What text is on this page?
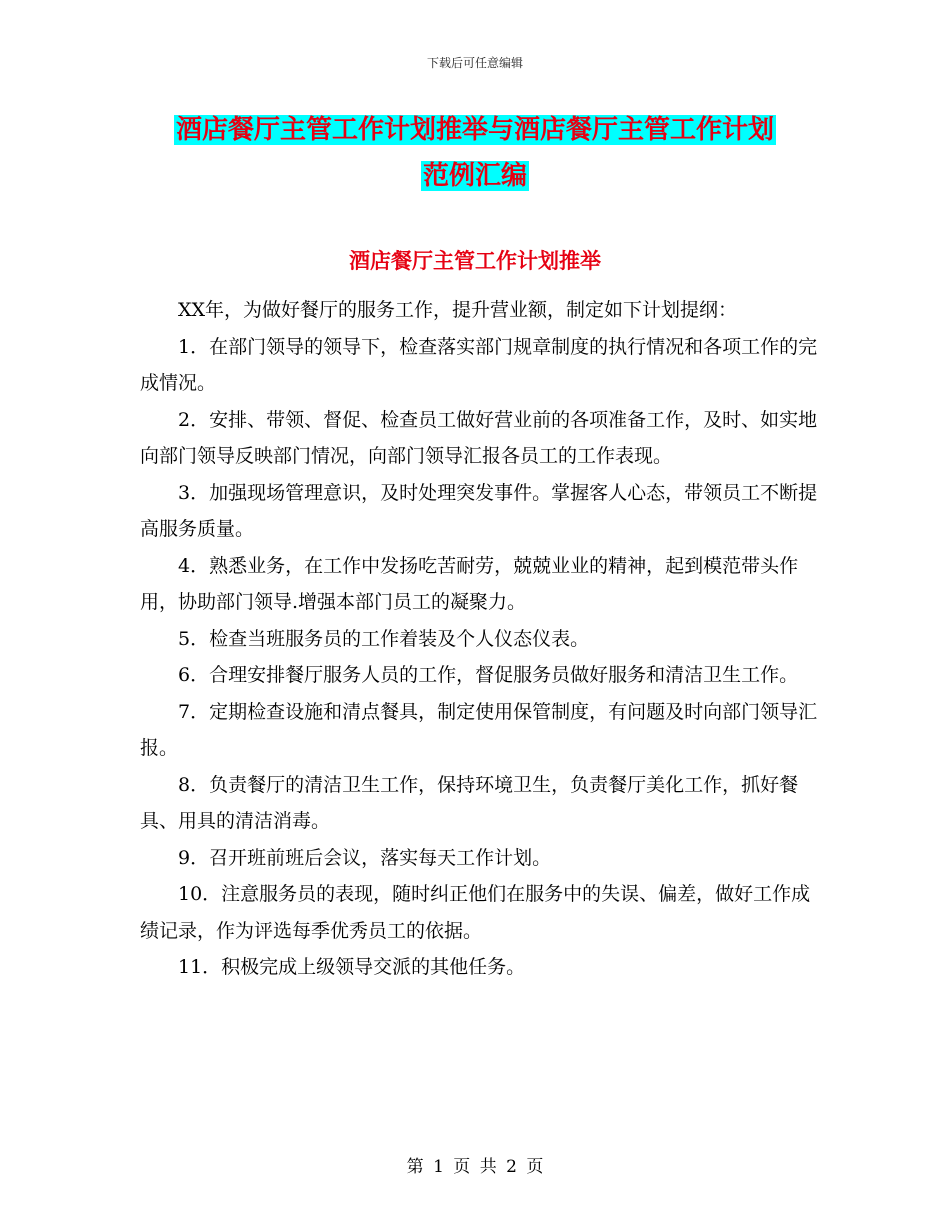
下载后可任意编辑
酒店餐厅主管工作计划推举与酒店餐厅主管工作计划
范例汇编
酒店餐厅主管工作计划推举

XX年，为做好餐厅的服务工作，提升营业额，制定如下计划提纲：

1．在部门领导的领导下，检查落实部门规章制度的执行情况和各项工作的完成情况。

2．安排、带领、督促、检查员工做好营业前的各项准备工作，及时、如实地向部门领导反映部门情况，向部门领导汇报各员工的工作表现。

3．加强现场管理意识，及时处理突发事件。掌握客人心态，带领员工不断提高服务质量。

4．熟悉业务，在工作中发扬吃苦耐劳，兢兢业业的精神，起到模范带头作用，协助部门领导.增强本部门员工的凝聚力。

5．检查当班服务员的工作着装及个人仪态仪表。

6．合理安排餐厅服务人员的工作，督促服务员做好服务和清洁卫生工作。

7．定期检查设施和清点餐具，制定使用保管制度，有问题及时向部门领导汇报。

8．负责餐厅的清洁卫生工作，保持环境卫生，负责餐厅美化工作，抓好餐具、用具的清洁消毒。

9．召开班前班后会议，落实每天工作计划。

10．注意服务员的表现，随时纠正他们在服务中的失误、偏差，做好工作成绩记录，作为评选每季优秀员工的依据。

11．积极完成上级领导交派的其他任务。

第 1 页 共 2 页
